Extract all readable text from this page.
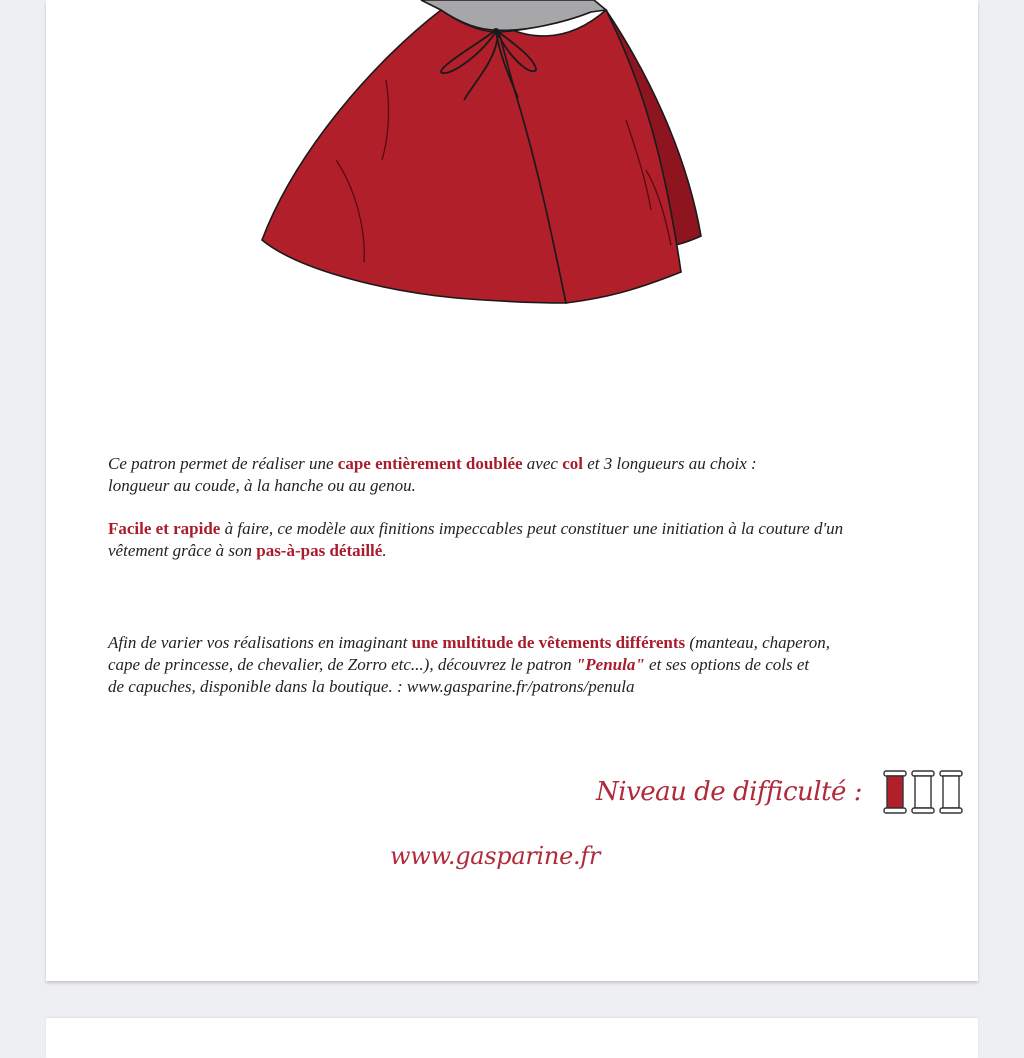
Ce patron permet de réaliser une cape entièrement doublée avec col et 3 longueurs au choix :
longueur au coude, à la hanche ou au genou.

Facile et rapide à faire, ce modèle aux finitions impeccables peut constituer une initiation à la couture d'un
vêtement grâce à son pas-à-pas détaillé.

Afin de varier vos réalisations en imaginant une multitude de vêtements différents (manteau, chaperon,
cape de princesse, de chevalier, de Zorro etc...), découvrez le patron "Penula" et ses options de cols et
de capuches, disponible dans la boutique. : www.gasparine.fr/patrons/penula

Niveau de difficulté :
www.gasparine.fr
